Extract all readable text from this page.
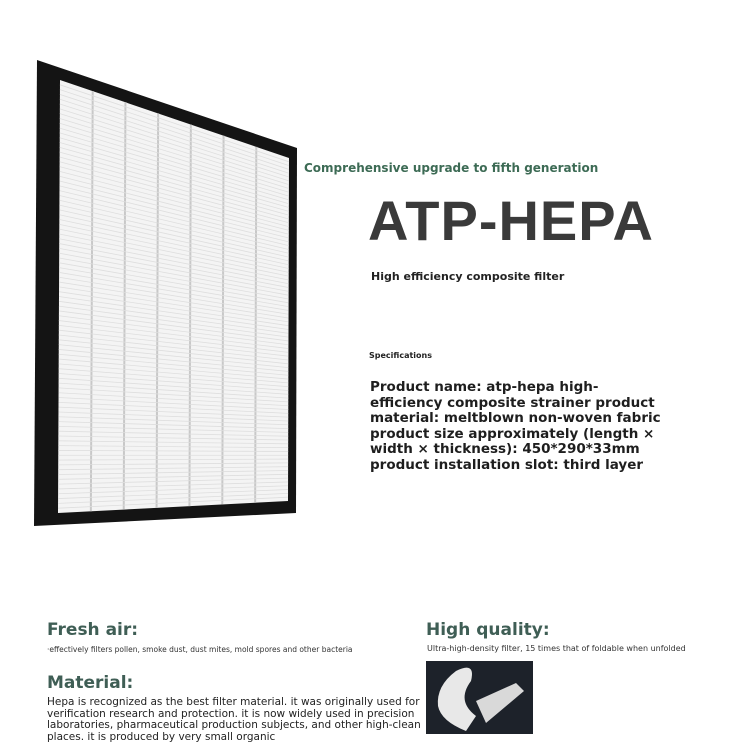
Comprehensive upgrade to fifth generation
ATP-HEPA
High efficiency composite filter
Specifications
Product name: atp-hepa high-efficiency composite strainer product material: meltblown non-woven fabric product size approximately (length × width × thickness): 450*290*33mm product installation slot: third layer
Fresh air:
·effectively filters pollen, smoke dust, dust mites, mold spores and other bacteria
High quality:
Ultra-high-density filter, 15 times that of foldable when unfolded
Material:
Hepa is recognized as the best filter material. it was originally used for verification research and protection. it is now widely used in precision laboratories, pharmaceutical production subjects, and other high-clean places. it is produced by very small organic
